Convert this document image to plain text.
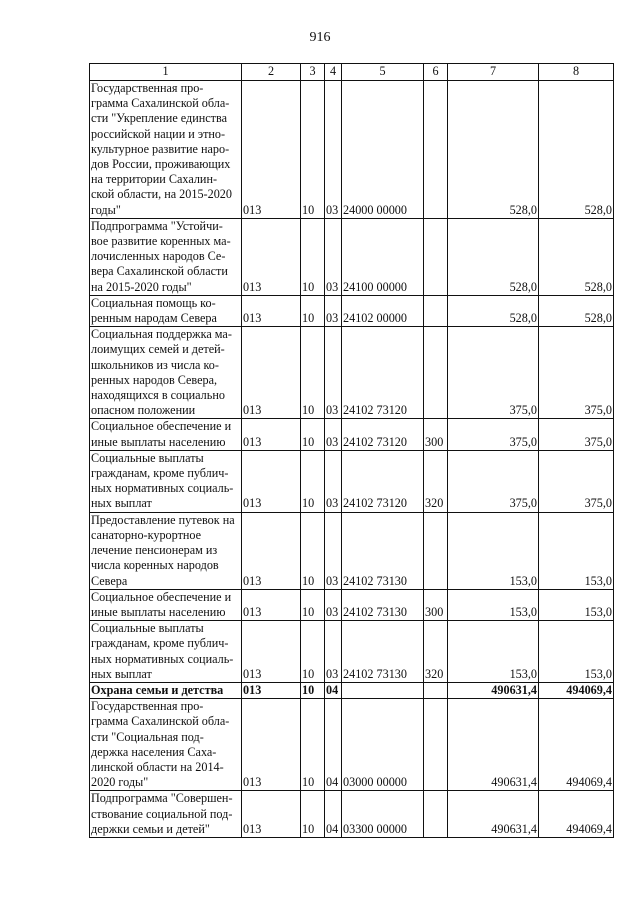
916
1	2	3	4	5	6	7	8
Государственная про- грамма Сахалинской обла- сти "Укрепление единства российской нации и этно- культурное развитие наро- дов России, проживающих на территории Сахалин- ской области, на 2015-2020 годы"	013	10	03	24000 00000		528,0	528,0
Подпрограмма "Устойчи- вое развитие коренных ма- лочисленных народов Се- вера Сахалинской области на 2015-2020 годы"	013	10	03	24100 00000		528,0	528,0
Социальная помощь ко- ренным народам Севера	013	10	03	24102 00000		528,0	528,0
Социальная поддержка ма- лоимущих семей и детей- школьников из числа ко- ренных народов Севера, находящихся в социально опасном положении	013	10	03	24102 73120		375,0	375,0
Социальное обеспечение и иные выплаты населению	013	10	03	24102 73120	300	375,0	375,0
Социальные выплаты гражданам, кроме публич- ных нормативных социаль- ных выплат	013	10	03	24102 73120	320	375,0	375,0
Предоставление путевок на санаторно-курортное лечение пенсионерам из числа коренных народов Севера	013	10	03	24102 73130		153,0	153,0
Социальное обеспечение и иные выплаты населению	013	10	03	24102 73130	300	153,0	153,0
Социальные выплаты гражданам, кроме публич- ных нормативных социаль- ных выплат	013	10	03	24102 73130	320	153,0	153,0
Охрана семьи и детства	013	10	04			490631,4	494069,4
Государственная про- грамма Сахалинской обла- сти "Социальная под- держка населения Саха- линской области на 2014- 2020 годы"	013	10	04	03000 00000		490631,4	494069,4
Подпрограмма "Совершен- ствование социальной под- держки семьи и детей"	013	10	04	03300 00000		490631,4	494069,4
